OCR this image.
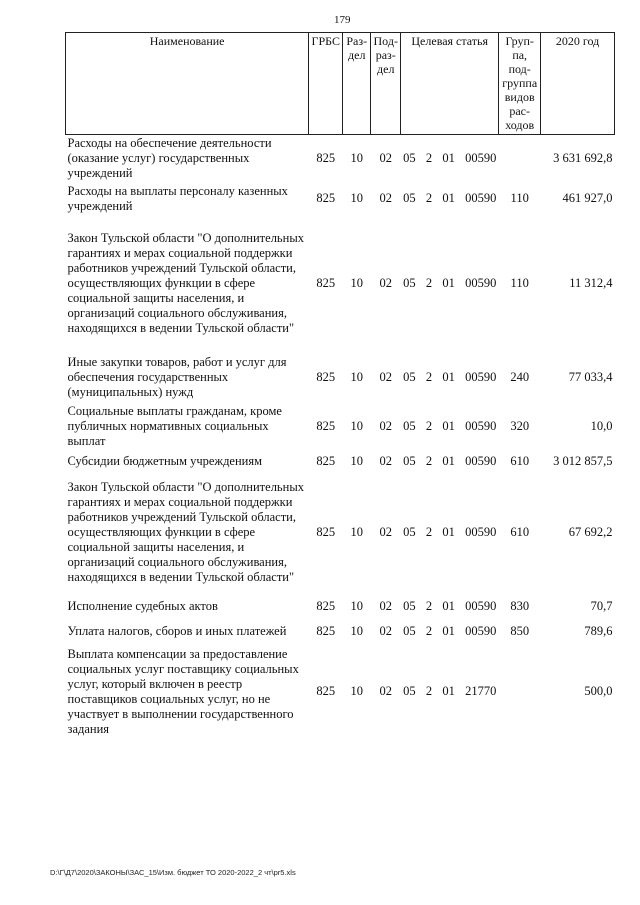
179
Наименование	ГРБС	Раз-дел	Под-раз-дел	Целевая статья	Груп-па, под-группа видов рас-ходов	2020 год
Расходы на обеспечение деятельности (оказание услуг) государственных учреждений	825	10	02	05  2  01  00590		3 631 692,8
Расходы на выплаты персоналу казенных учреждений	825	10	02	05  2  01  00590	110	461 927,0
Закон Тульской области "О дополнительных гарантиях и мерах социальной поддержки работников учреждений Тульской области, осуществляющих функции в сфере социальной защиты населения, и организаций социального обслуживания, находящихся в ведении Тульской области"	825	10	02	05  2  01  00590	110	11 312,4
Иные закупки товаров, работ и услуг для обеспечения государственных (муниципальных) нужд	825	10	02	05  2  01  00590	240	77 033,4
Социальные выплаты гражданам, кроме публичных нормативных социальных выплат	825	10	02	05  2  01  00590	320	10,0
Субсидии бюджетным учреждениям	825	10	02	05  2  01  00590	610	3 012 857,5
Закон Тульской области "О дополнительных гарантиях и мерах социальной поддержки работников учреждений Тульской области, осуществляющих функции в сфере социальной защиты населения, и организаций социального обслуживания, находящихся в ведении Тульской области"	825	10	02	05  2  01  00590	610	67 692,2
Исполнение судебных актов	825	10	02	05  2  01  00590	830	70,7
Уплата налогов, сборов и иных платежей	825	10	02	05  2  01  00590	850	789,6
Выплата компенсации за предоставление социальных услуг поставщику социальных услуг, который включен в реестр поставщиков социальных услуг, но не участвует в выполнении государственного задания	825	10	02	05  2  01  21770		500,0
D:\Г\Д7\2020\ЗАКОНЫ\ЗАС_15\Изм. бюджет ТО 2020-2022_2 чт\pr5.xls
